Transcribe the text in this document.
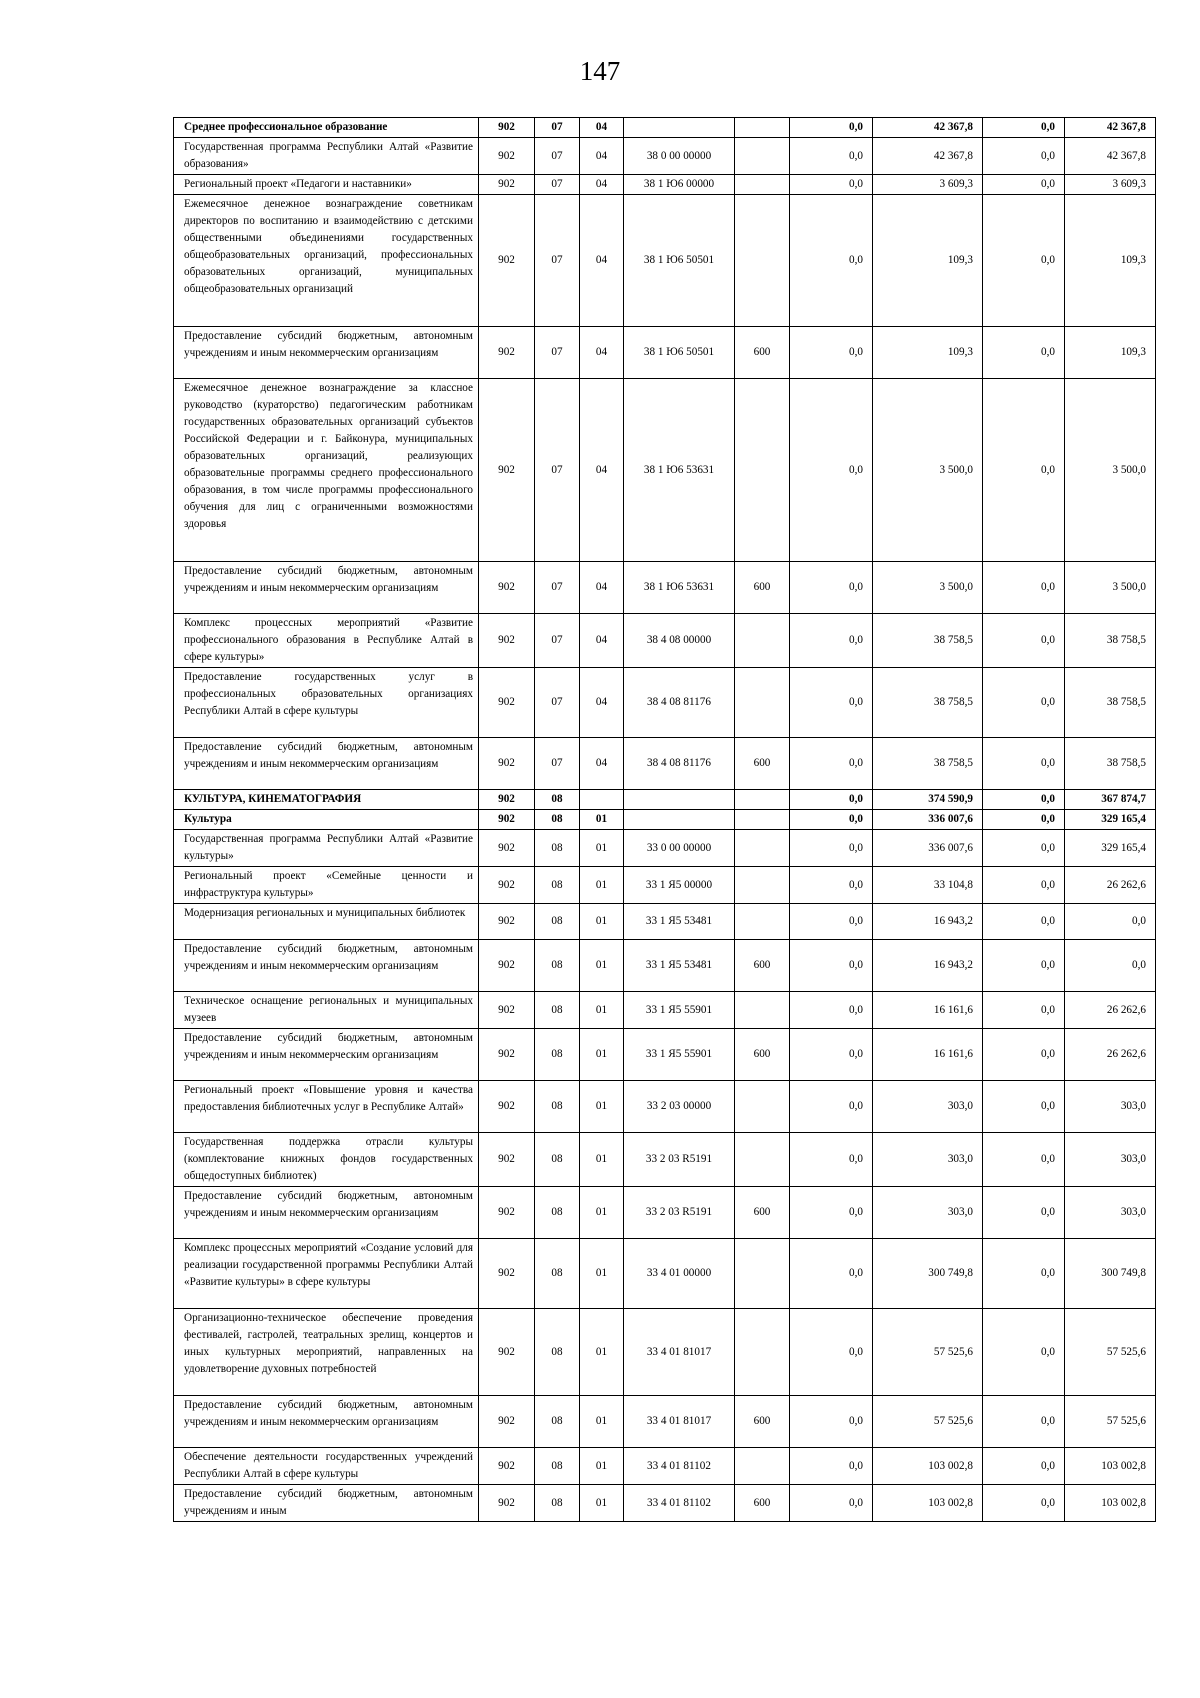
147
Среднее профессиональное образование	902	07	04			0,0	42 367,8	0,0	42 367,8
Государственная программа Республики Алтай «Развитие образования»	902	07	04	38 0 00 00000		0,0	42 367,8	0,0	42 367,8
Региональный проект «Педагоги и наставники»	902	07	04	38 1 Ю6 00000		0,0	3 609,3	0,0	3 609,3
Ежемесячное денежное вознаграждение советникам директоров по воспитанию и взаимодействию с детскими общественными объединениями государственных общеобразовательных организаций, профессиональных образовательных организаций, муниципальных общеобразовательных организаций	902	07	04	38 1 Ю6 50501		0,0	109,3	0,0	109,3
Предоставление субсидий бюджетным, автономным учреждениям и иным некоммерческим организациям	902	07	04	38 1 Ю6 50501	600	0,0	109,3	0,0	109,3
Ежемесячное денежное вознаграждение за классное руководство (кураторство) педагогическим работникам государственных образовательных организаций субъектов Российской Федерации и г. Байконура, муниципальных образовательных организаций, реализующих образовательные программы среднего профессионального образования, в том числе программы профессионального обучения для лиц с ограниченными возможностями здоровья	902	07	04	38 1 Ю6 53631		0,0	3 500,0	0,0	3 500,0
Предоставление субсидий бюджетным, автономным учреждениям и иным некоммерческим организациям	902	07	04	38 1 Ю6 53631	600	0,0	3 500,0	0,0	3 500,0
Комплекс процессных мероприятий «Развитие профессионального образования в Республике Алтай в сфере культуры»	902	07	04	38 4 08 00000		0,0	38 758,5	0,0	38 758,5
Предоставление государственных услуг в профессиональных образовательных организациях Республики Алтай в сфере культуры	902	07	04	38 4 08 81176		0,0	38 758,5	0,0	38 758,5
Предоставление субсидий бюджетным, автономным учреждениям и иным некоммерческим организациям	902	07	04	38 4 08 81176	600	0,0	38 758,5	0,0	38 758,5
КУЛЬТУРА, КИНЕМАТОГРАФИЯ	902	08				0,0	374 590,9	0,0	367 874,7
Культура	902	08	01			0,0	336 007,6	0,0	329 165,4
Государственная программа Республики Алтай «Развитие культуры»	902	08	01	33 0 00 00000		0,0	336 007,6	0,0	329 165,4
Региональный проект «Семейные ценности и инфраструктура культуры»	902	08	01	33 1 Я5 00000		0,0	33 104,8	0,0	26 262,6
Модернизация региональных и муниципальных библиотек	902	08	01	33 1 Я5 53481		0,0	16 943,2	0,0	0,0
Предоставление субсидий бюджетным, автономным учреждениям и иным некоммерческим организациям	902	08	01	33 1 Я5 53481	600	0,0	16 943,2	0,0	0,0
Техническое оснащение региональных и муниципальных музеев	902	08	01	33 1 Я5 55901		0,0	16 161,6	0,0	26 262,6
Предоставление субсидий бюджетным, автономным учреждениям и иным некоммерческим организациям	902	08	01	33 1 Я5 55901	600	0,0	16 161,6	0,0	26 262,6
Региональный проект «Повышение уровня и качества предоставления библиотечных услуг в Республике Алтай»	902	08	01	33 2 03 00000		0,0	303,0	0,0	303,0
Государственная поддержка отрасли культуры (комплектование книжных фондов государственных общедоступных библиотек)	902	08	01	33 2 03 R5191		0,0	303,0	0,0	303,0
Предоставление субсидий бюджетным, автономным учреждениям и иным некоммерческим организациям	902	08	01	33 2 03 R5191	600	0,0	303,0	0,0	303,0
Комплекс процессных мероприятий «Создание условий для реализации государственной программы Республики Алтай «Развитие культуры» в сфере культуры	902	08	01	33 4 01 00000		0,0	300 749,8	0,0	300 749,8
Организационно-техническое обеспечение проведения фестивалей, гастролей, театральных зрелищ, концертов и иных культурных мероприятий, направленных на удовлетворение духовных потребностей	902	08	01	33 4 01 81017		0,0	57 525,6	0,0	57 525,6
Предоставление субсидий бюджетным, автономным учреждениям и иным некоммерческим организациям	902	08	01	33 4 01 81017	600	0,0	57 525,6	0,0	57 525,6
Обеспечение деятельности государственных учреждений Республики Алтай в сфере культуры	902	08	01	33 4 01 81102		0,0	103 002,8	0,0	103 002,8
Предоставление субсидий бюджетным, автономным учреждениям и иным	902	08	01	33 4 01 81102	600	0,0	103 002,8	0,0	103 002,8
